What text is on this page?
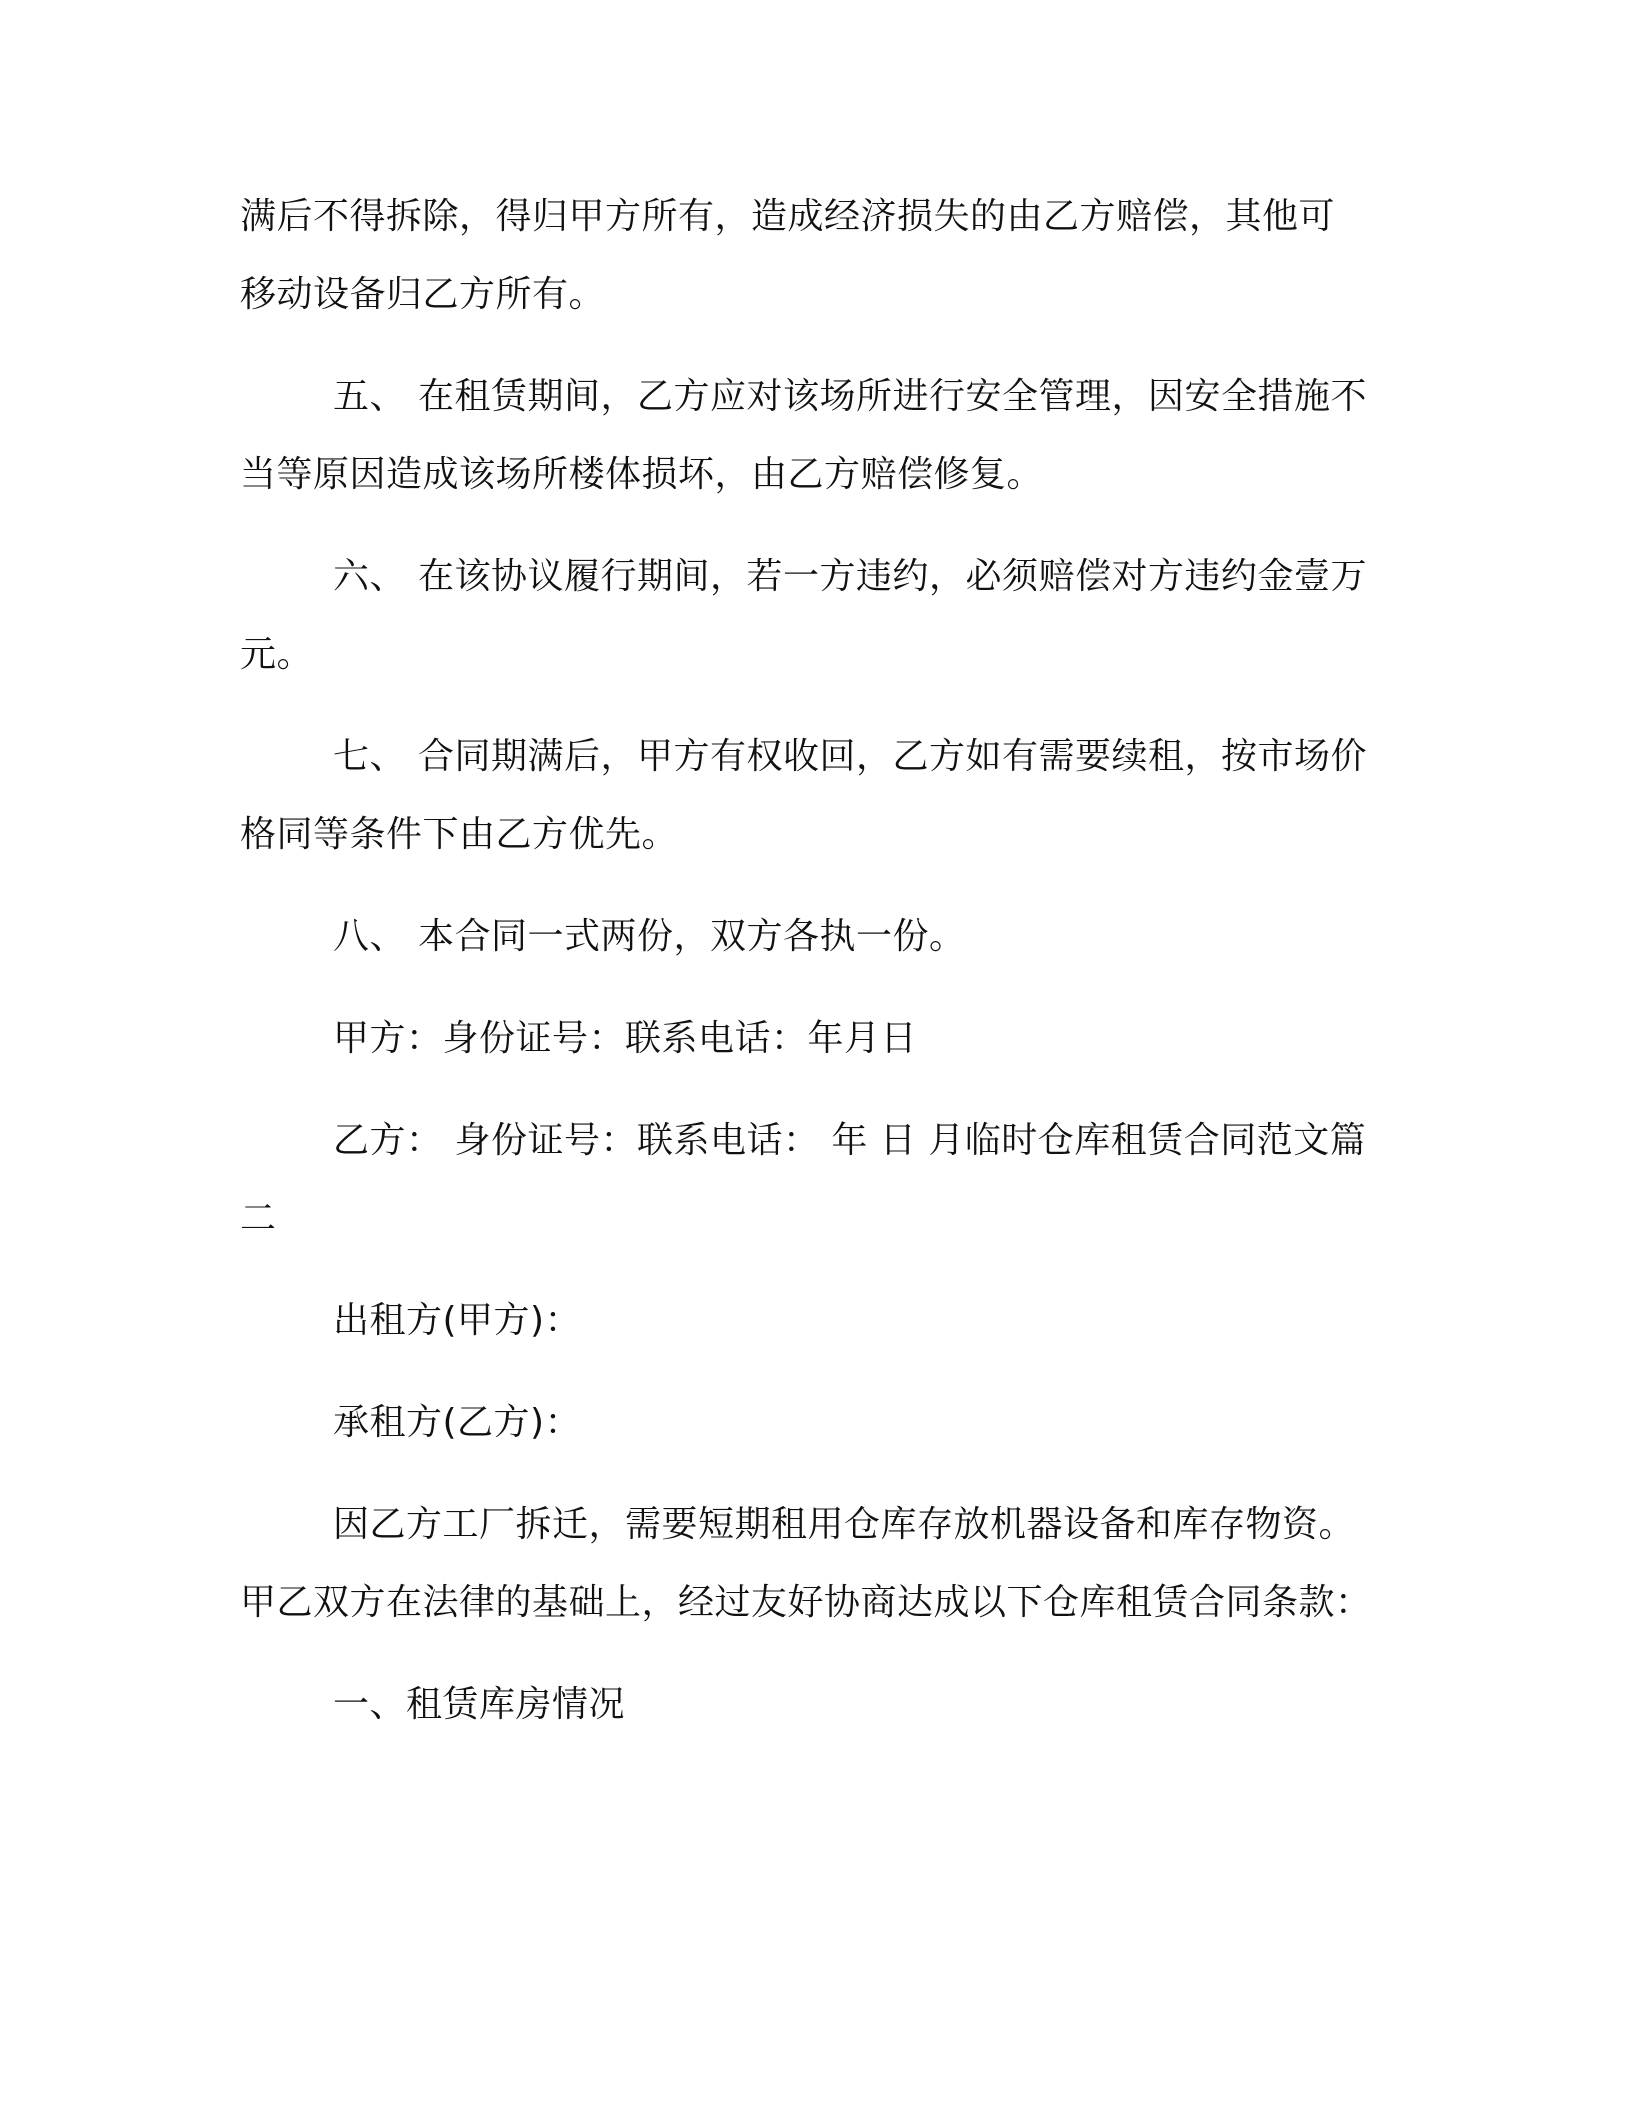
满后不得拆除，得归甲方所有，造成经济损失的由乙方赔偿，其他可
移动设备归乙方所有。
五、 在租赁期间，乙方应对该场所进行安全管理，因安全措施不
当等原因造成该场所楼体损坏，由乙方赔偿修复。
六、 在该协议履行期间，若一方违约，必须赔偿对方违约金壹万
元。
七、 合同期满后，甲方有权收回，乙方如有需要续租，按市场价
格同等条件下由乙方优先。
八、 本合同一式两份，双方各执一份。
甲方：身份证号：联系电话：年月日
乙方： 身份证号：联系电话： 年 日 月临时仓库租赁合同范文篇
二
出租方(甲方)：
承租方(乙方)：
因乙方工厂拆迁，需要短期租用仓库存放机器设备和库存物资。
甲乙双方在法律的基础上，经过友好协商达成以下仓库租赁合同条款：
一、租赁库房情况
